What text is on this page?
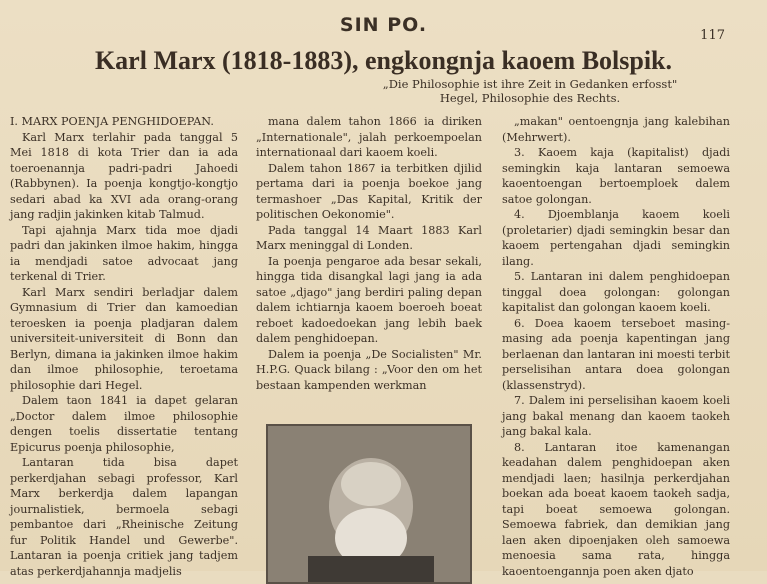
SIN PO.	117
Karl Marx (1818-1883), engkongnja kaoem Bolspik.
„Die Philosophie ist ihre Zeit in Gedanken erfosst"
Hegel, Philosophie des Rechts.

I. MARX POENJA PENGHIDOEPAN.

Karl Marx terlahir pada tanggal 5 Mei 1818 di kota Trier dan ia ada toeroenannja padri-padri Jahoedi (Rabbynen). Ia poenja kongtjo-kongtjo sedari abad ka XVI ada orang-orang jang radjin jakinken kitab Talmud.

Tapi ajahnja Marx tida moe djadi padri dan jakinken ilmoe hakim, hingga ia mendjadi satoe advocaat jang terkenal di Trier.

Karl Marx sendiri berladjar dalem Gymnasium di Trier dan kamoedian teroesken ia poenja pladjaran dalem universiteit-universiteit di Bonn dan Berlyn, dimana ia jakinken ilmoe hakim dan ilmoe philosophie, teroetama philosophie dari Hegel.

Dalem taon 1841 ia dapet gelaran „Doctor dalem ilmoe philosophie dengen toelis dissertatie tentang Epicurus poenja philosophie,

Lantaran tida bisa dapet perkerdjahan sebagi professor, Karl Marx berkerdja dalem lapangan journalistiek, bermoela sebagi pembantoe dari „Rheinische Zeitung fur Politik Handel und Gewerbe". Lantaran ia poenja critiek jang tadjem atas perkerdjahannja madjelis

mana dalem tahon 1866 ia diriken „Internationale", jalah perkoempoelan internationaal dari kaoem koeli.

Dalem tahon 1867 ia terbitken djilid pertama dari ia poenja boekoe jang termashoer „Das Kapital, Kritik der politischen Oekonomie".

Pada tanggal 14 Maart 1883 Karl Marx meninggal di Londen.

Ia poenja pengaroe ada besar sekali, hingga tida disangkal lagi jang ia ada satoe „djago" jang berdiri paling depan dalem ichtiarnja kaoem boeroeh boeat reboet kadoedoekan jang lebih baek dalem penghidoepan.

Dalem ia poenja „De Socialisten" Mr. H.P.G. Quack bilang : „Voor den om het bestaan kampenden werkman

„makan" oentoengnja jang kalebihan (Mehrwert).

3. Kaoem kaja (kapitalist) djadi semingkin kaja lantaran semoewa kaoentoengan bertoemploek dalem satoe golongan.

4. Djoemblanja kaoem koeli (proletarier) djadi semingkin besar dan kaoem pertengahan djadi semingkin ilang.

5. Lantaran ini dalem penghidoepan tinggal doea golongan: golongan kapitalist dan golongan kaoem koeli.

6. Doea kaoem terseboet masing-masing ada poenja kapentingan jang berlaenan dan lantaran ini moesti terbit perselisihan antara doea golongan (klassenstryd).

7. Dalem ini perselisihan kaoem koeli jang bakal menang dan kaoem taokeh jang bakal kala.

8. Lantaran itoe kamenangan keadahan dalem penghidoepan aken mendjadi laen; hasilnja perkerdjahan boekan ada boeat kaoem taokeh sadja, tapi boeat semoewa golongan. Semoewa fabriek, dan demikian jang laen aken dipoenjaken oleh samoewa menoesia sama rata, hingga kaoentoengannja poen aken djato
